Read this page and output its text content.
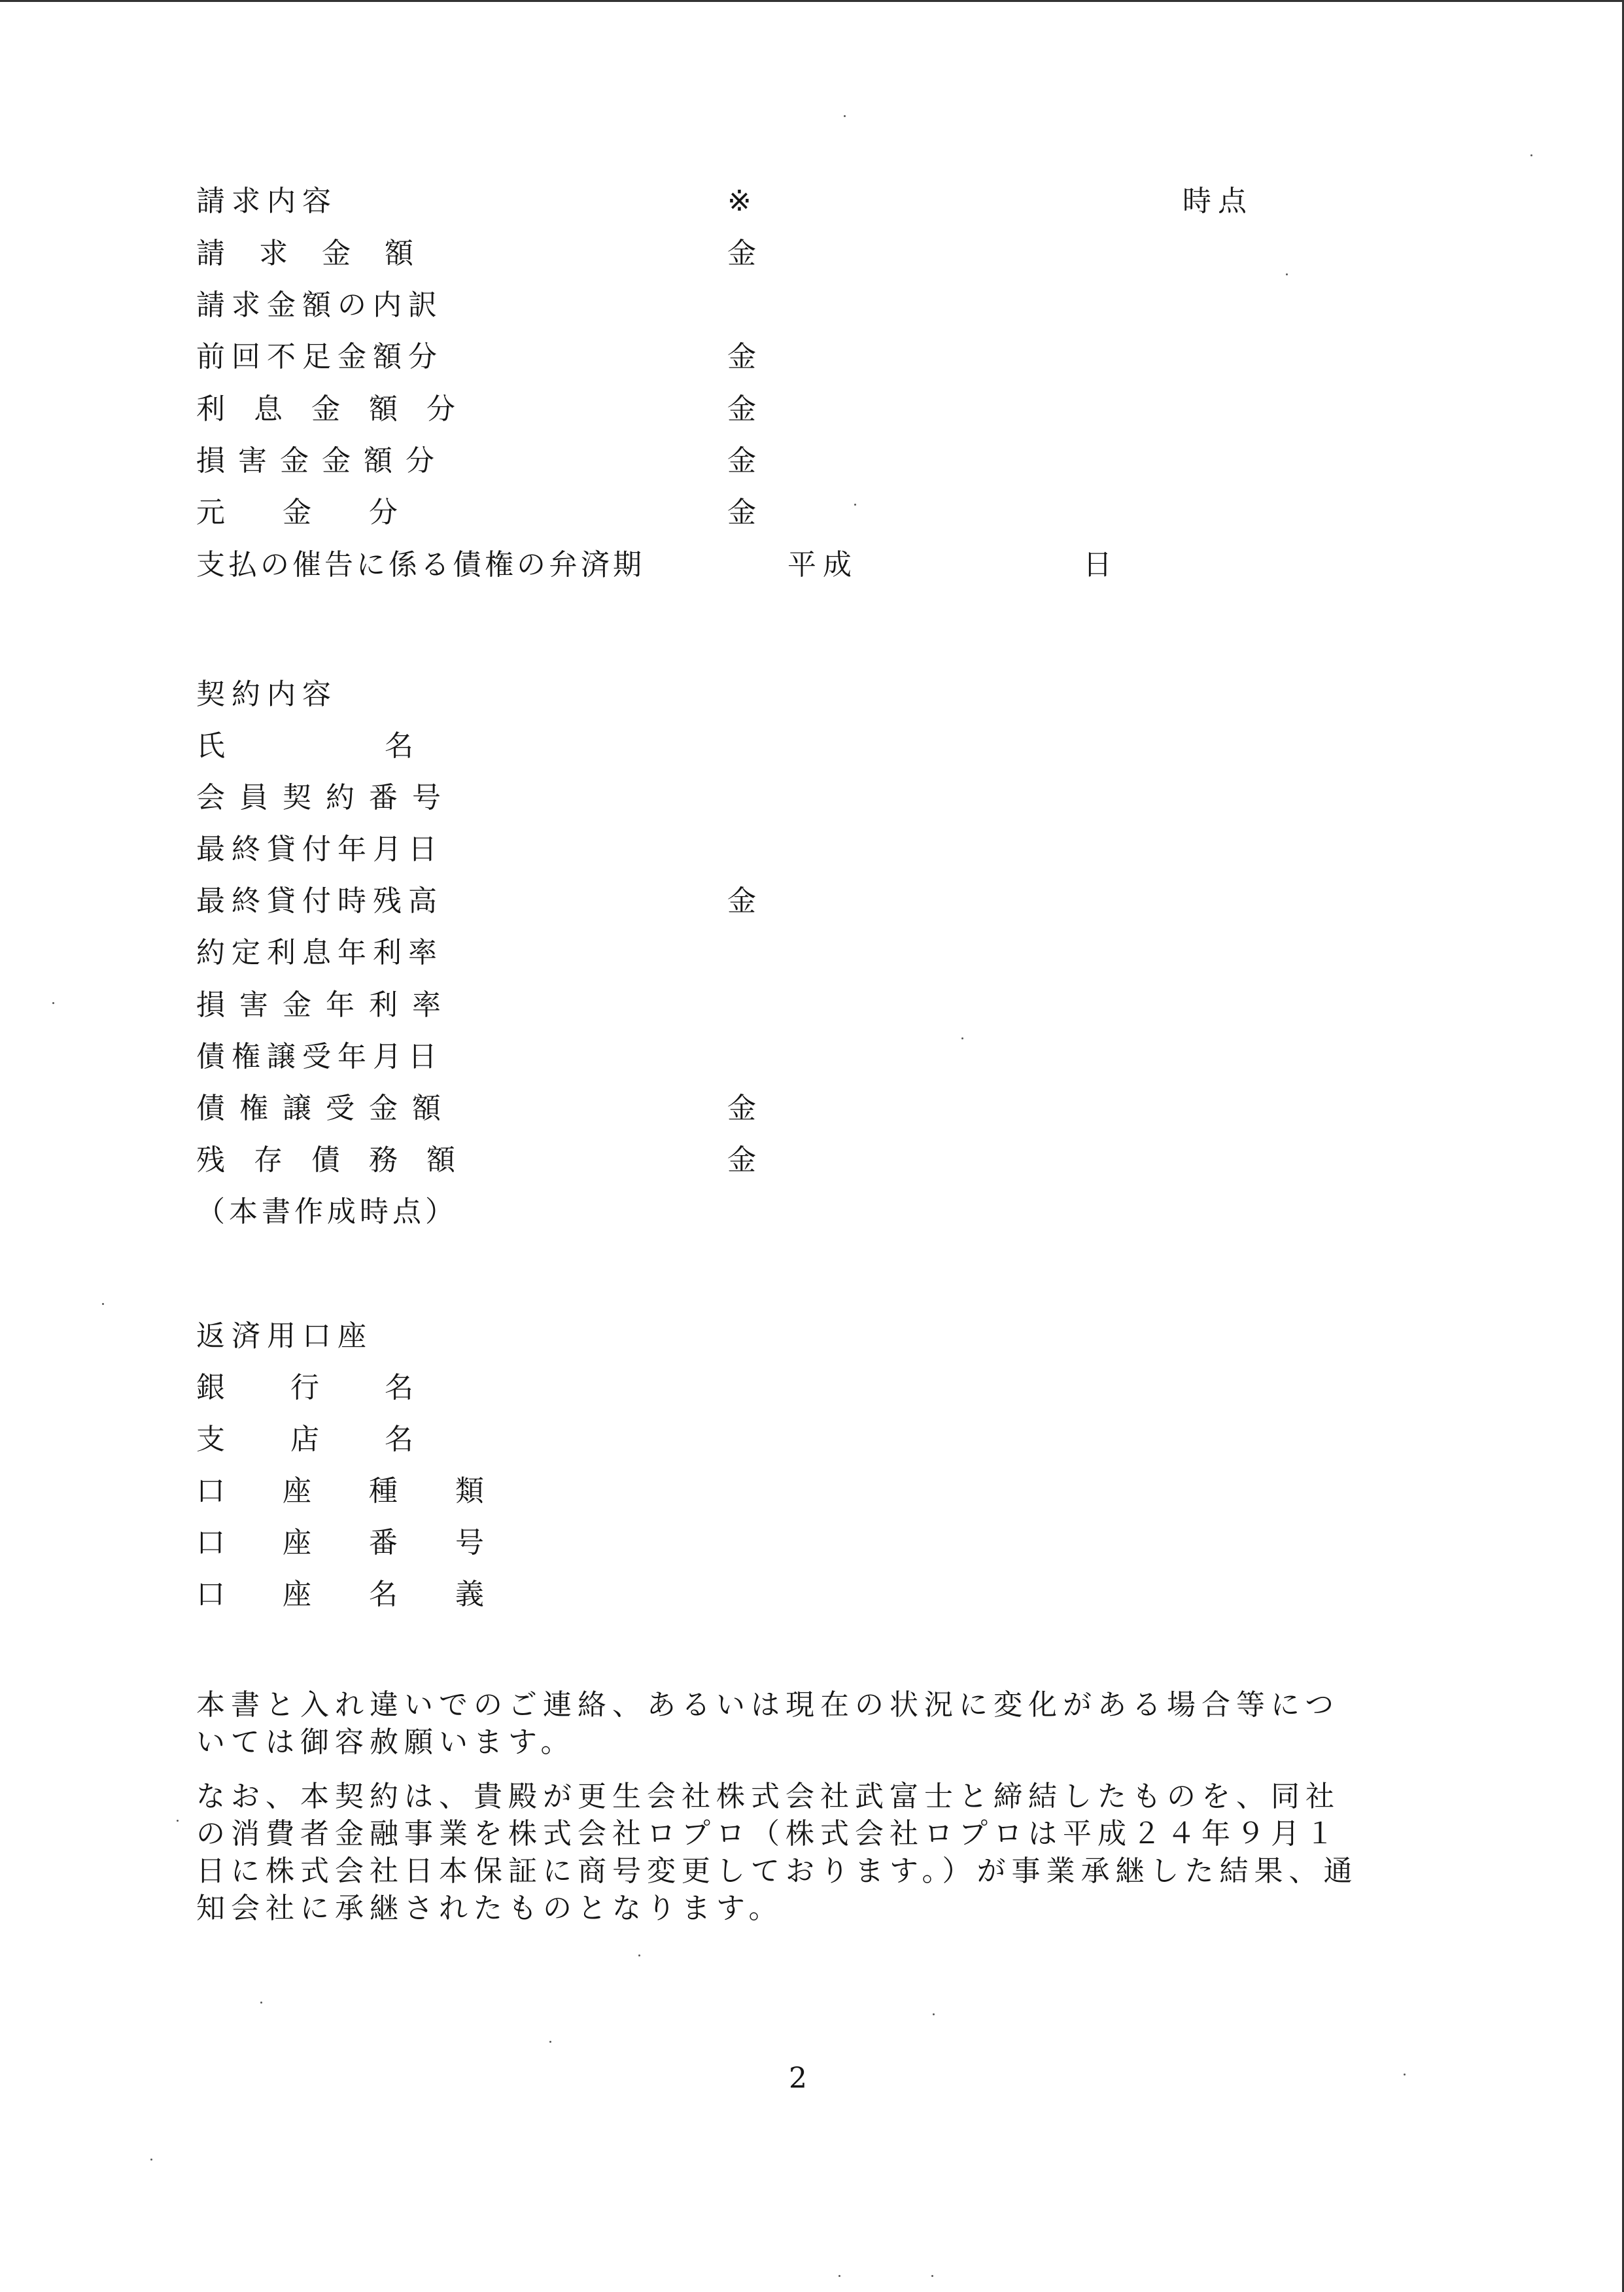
請求内容	※	時点
請　求　金　額	金
請求金額の内訳
前回不足金額分	金
利　息　金　額　分	金
損害金金額分	金
元　　金　　分	金
支払の催告に係る債権の弁済期	平成	日
契約内容
氏　　　　　名
会員契約番号
最終貸付年月日
最終貸付時残高	金
約定利息年利率
損害金年利率
債権譲受年月日
債権譲受金額	金
残　存　債　務　額	金
（本書作成時点）
返済用口座
銀　　行　　名
支　　店　　名
口　　座　　種　　類
口　　座　　番　　号
口　　座　　名　　義
本書と入れ違いでのご連絡、あるいは現在の状況に変化がある場合等については御容赦願います。
なお、本契約は、貴殿が更生会社株式会社武富士と締結したものを、同社の消費者金融事業を株式会社ロプロ（株式会社ロプロは平成２４年９月１日に株式会社日本保証に商号変更しております。）が事業承継した結果、通知会社に承継されたものとなります。
2
